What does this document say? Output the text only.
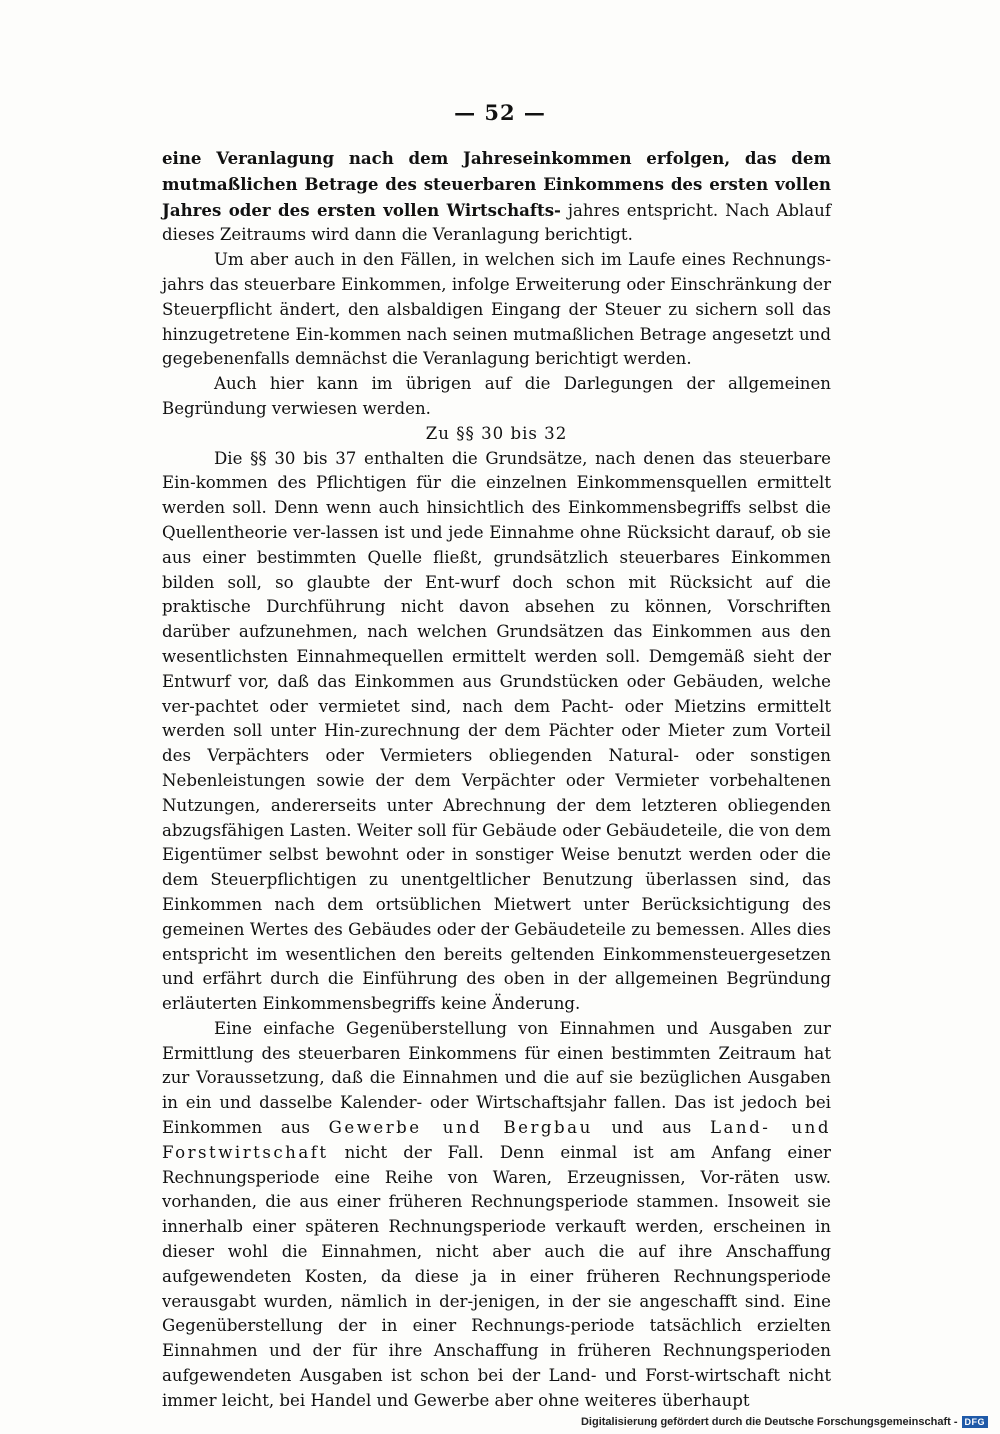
— 52 —

eine Veranlagung nach dem Jahreseinkommen erfolgen, das dem mutmaßlichen Betrage des steuerbaren Einkommens des ersten vollen Jahres oder des ersten vollen Wirtschafts- jahres entspricht. Nach Ablauf dieses Zeitraums wird dann die Veranlagung berichtigt.

Um aber auch in den Fällen, in welchen sich im Laufe eines Rechnungs-jahrs das steuerbare Einkommen, infolge Erweiterung oder Einschränkung der Steuerpflicht ändert, den alsbaldigen Eingang der Steuer zu sichern soll das hinzugetretene Ein-kommen nach seinen mutmaßlichen Betrage angesetzt und gegebenenfalls demnächst die Veranlagung berichtigt werden.

Auch hier kann im übrigen auf die Darlegungen der allgemeinen Begründung verwiesen werden.

Zu §§ 30 bis 32

Die §§ 30 bis 37 enthalten die Grundsätze, nach denen das steuerbare Ein-kommen des Pflichtigen für die einzelnen Einkommensquellen ermittelt werden soll. Denn wenn auch hinsichtlich des Einkommensbegriffs selbst die Quellentheorie ver-lassen ist und jede Einnahme ohne Rücksicht darauf, ob sie aus einer bestimmten Quelle fließt, grundsätzlich steuerbares Einkommen bilden soll, so glaubte der Ent-wurf doch schon mit Rücksicht auf die praktische Durchführung nicht davon absehen zu können, Vorschriften darüber aufzunehmen, nach welchen Grundsätzen das Einkommen aus den wesentlichsten Einnahmequellen ermittelt werden soll. Demgemäß sieht der Entwurf vor, daß das Einkommen aus Grundstücken oder Gebäuden, welche ver-pachtet oder vermietet sind, nach dem Pacht- oder Mietzins ermittelt werden soll unter Hin-zurechnung der dem Pächter oder Mieter zum Vorteil des Verpächters oder Vermieters obliegenden Natural- oder sonstigen Nebenleistungen sowie der dem Verpächter oder Vermieter vorbehaltenen Nutzungen, andererseits unter Abrechnung der dem letzteren obliegenden abzugsfähigen Lasten. Weiter soll für Gebäude oder Gebäudeteile, die von dem Eigentümer selbst bewohnt oder in sonstiger Weise benutzt werden oder die dem Steuerpflichtigen zu unentgeltlicher Benutzung überlassen sind, das Einkommen nach dem ortsüblichen Mietwert unter Berücksichtigung des gemeinen Wertes des Gebäudes oder der Gebäudeteile zu bemessen. Alles dies entspricht im wesentlichen den bereits geltenden Einkommensteuergesetzen und erfährt durch die Einführung des oben in der allgemeinen Begründung erläuterten Einkommensbegriffs keine Änderung.

Eine einfache Gegenüberstellung von Einnahmen und Ausgaben zur Ermittlung des steuerbaren Einkommens für einen bestimmten Zeitraum hat zur Voraussetzung, daß die Einnahmen und die auf sie bezüglichen Ausgaben in ein und dasselbe Kalender- oder Wirtschaftsjahr fallen. Das ist jedoch bei Einkommen aus Gewerbe und Bergbau und aus Land- und Forstwirtschaft nicht der Fall. Denn einmal ist am Anfang einer Rechnungsperiode eine Reihe von Waren, Erzeugnissen, Vor-räten usw. vorhanden, die aus einer früheren Rechnungsperiode stammen. Insoweit sie innerhalb einer späteren Rechnungsperiode verkauft werden, erscheinen in dieser wohl die Einnahmen, nicht aber auch die auf ihre Anschaffung aufgewendeten Kosten, da diese ja in einer früheren Rechnungsperiode verausgabt wurden, nämlich in der-jenigen, in der sie angeschafft sind. Eine Gegenüberstellung der in einer Rechnungs-periode tatsächlich erzielten Einnahmen und der für ihre Anschaffung in früheren Rechnungsperioden aufgewendeten Ausgaben ist schon bei der Land- und Forst-wirtschaft nicht immer leicht, bei Handel und Gewerbe aber ohne weiteres überhaupt

Digitalisierung gefördert durch die Deutsche Forschungsgemeinschaft - DFG
